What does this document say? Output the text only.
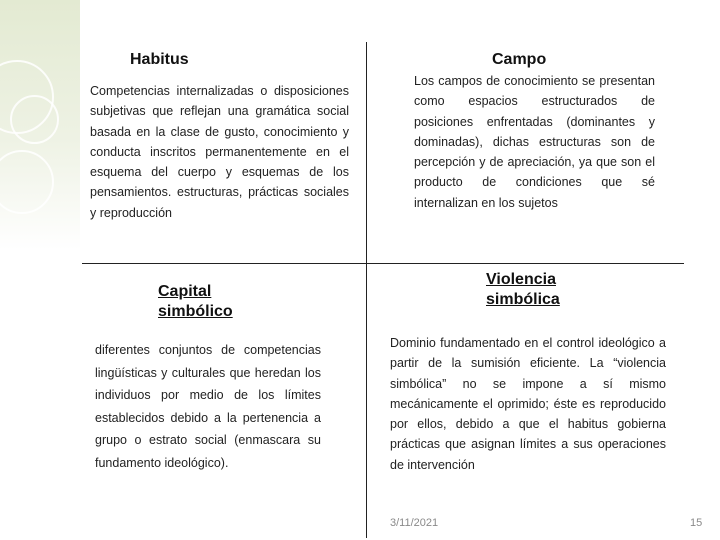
Habitus
Competencias internalizadas o disposiciones subjetivas que reflejan una gramática social basada en la clase de gusto, conocimiento y conducta inscritos permanentemente en el esquema del cuerpo y esquemas de los pensamientos. estructuras, prácticas sociales y reproducción
Campo
Los campos de conocimiento se presentan como espacios estructurados de posiciones enfrentadas (dominantes y dominadas), dichas estructuras son de percepción y de apreciación, ya que son el producto de condiciones que sé internalizan en los sujetos
Capital
simbólico
diferentes conjuntos de competencias lingüísticas y culturales que heredan los individuos por medio de los límites establecidos debido a la pertenencia a grupo o estrato social (enmascara su fundamento ideológico).
Violencia
simbólica
Dominio fundamentado en el control ideológico a partir de la sumisión eficiente. La “violencia simbólica” no se impone a sí mismo mecánicamente el oprimido; éste es reproducido por ellos, debido a que el habitus gobierna prácticas que asignan límites a sus operaciones de intervención
3/11/2021	15
